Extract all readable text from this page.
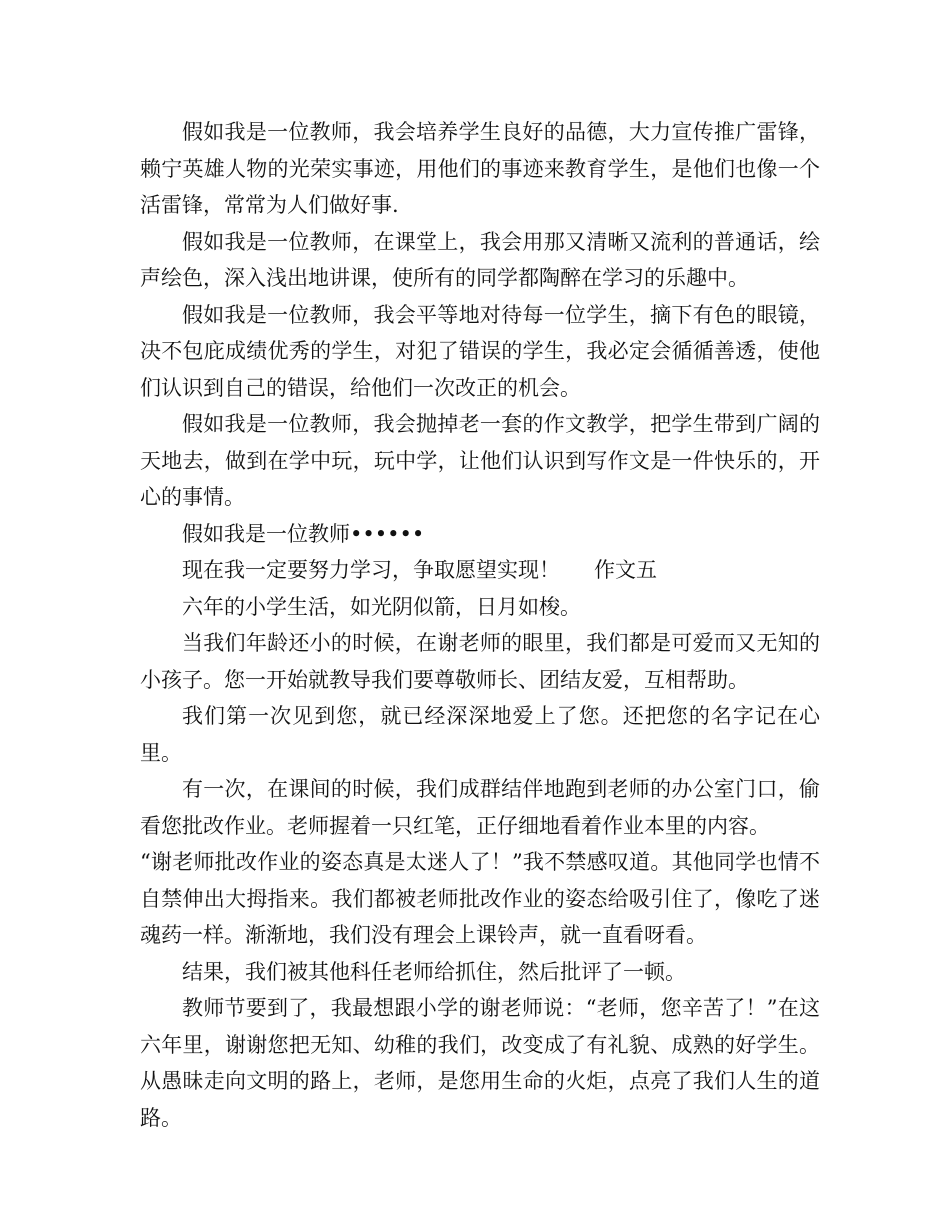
假如我是一位教师，我会培养学生良好的品德，大力宣传推广雷锋，赖宁英雄人物的光荣实事迹，用他们的事迹来教育学生，是他们也像一个活雷锋，常常为人们做好事.

假如我是一位教师，在课堂上，我会用那又清晰又流利的普通话，绘声绘色，深入浅出地讲课，使所有的同学都陶醉在学习的乐趣中。

假如我是一位教师，我会平等地对待每一位学生，摘下有色的眼镜，决不包庇成绩优秀的学生，对犯了错误的学生，我必定会循循善透，使他们认识到自己的错误，给他们一次改正的机会。

假如我是一位教师，我会抛掉老一套的作文教学，把学生带到广阔的天地去，做到在学中玩，玩中学，让他们认识到写作文是一件快乐的，开心的事情。

假如我是一位教师••••••

现在我一定要努力学习，争取愿望实现！ 作文五

六年的小学生活，如光阴似箭，日月如梭。

当我们年龄还小的时候，在谢老师的眼里，我们都是可爱而又无知的小孩子。您一开始就教导我们要尊敬师长、团结友爱，互相帮助。

我们第一次见到您，就已经深深地爱上了您。还把您的名字记在心里。

有一次，在课间的时候，我们成群结伴地跑到老师的办公室门口，偷看您批改作业。老师握着一只红笔，正仔细地看着作业本里的内容。

“谢老师批改作业的姿态真是太迷人了！”我不禁感叹道。其他同学也情不自禁伸出大拇指来。我们都被老师批改作业的姿态给吸引住了，像吃了迷魂药一样。渐渐地，我们没有理会上课铃声，就一直看呀看。

结果，我们被其他科任老师给抓住，然后批评了一顿。

教师节要到了，我最想跟小学的谢老师说：“老师，您辛苦了！”在这六年里，谢谢您把无知、幼稚的我们，改变成了有礼貌、成熟的好学生。从愚昧走向文明的路上，老师，是您用生命的火炬，点亮了我们人生的道路。
